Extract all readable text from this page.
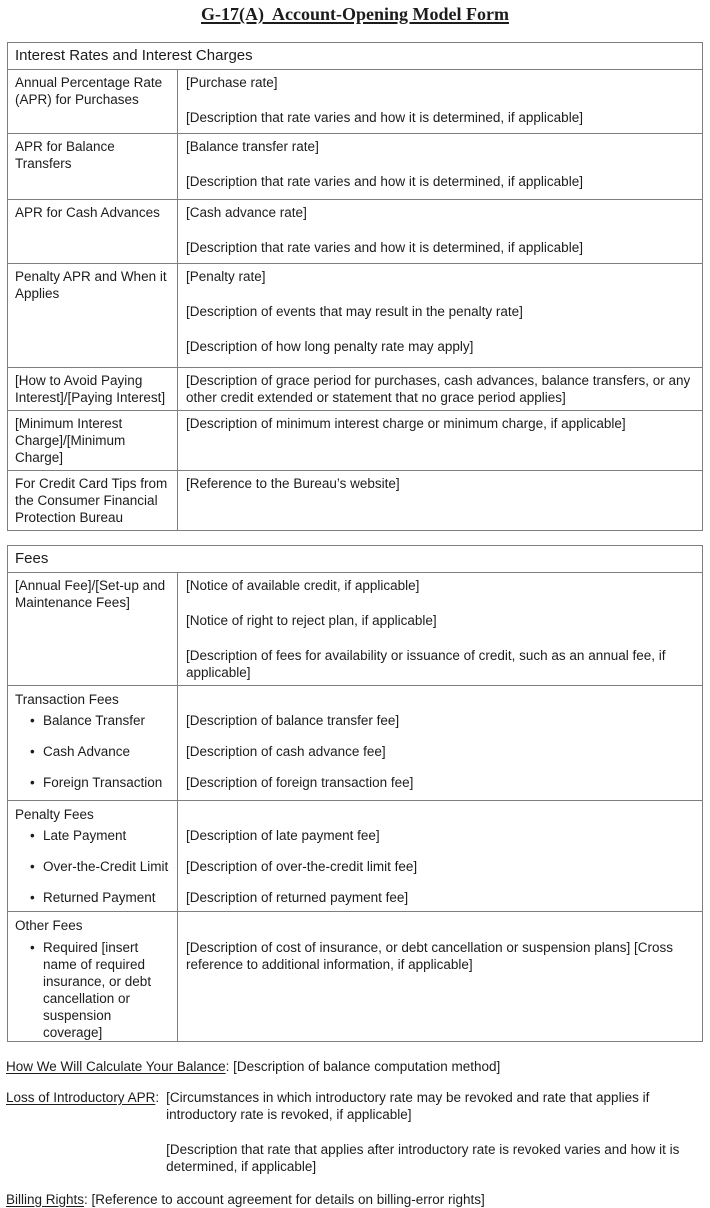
G-17(A)  Account-Opening Model Form
Interest Rates and Interest Charges	
Annual Percentage Rate (APR) for Purchases	[Purchase rate]

[Description that rate varies and how it is determined, if applicable]

APR for Balance Transfers	[Balance transfer rate]

[Description that rate varies and how it is determined, if applicable]

APR for Cash Advances	[Cash advance rate]

[Description that rate varies and how it is determined, if applicable]

Penalty APR and When it Applies	[Penalty rate]

[Description of events that may result in the penalty rate]

[Description of how long penalty rate may apply]

[How to Avoid Paying Interest]/[Paying Interest]	[Description of grace period for purchases, cash advances, balance transfers, or any other credit extended or statement that no grace period applies]

[Minimum Interest Charge]/[Minimum Charge]	[Description of minimum interest charge or minimum charge, if applicable]

For Credit Card Tips from the Consumer Financial Protection Bureau	[Reference to the Bureau’s website]

Fees	
[Annual Fee]/[Set-up and Maintenance Fees]	[Notice of available credit, if applicable]

[Notice of right to reject plan, if applicable]

[Description of fees for availability or issuance of credit, such as an annual fee, if applicable]

Transaction Fees	

• Balance Transfer	[Description of balance transfer fee]

• Cash Advance	[Description of cash advance fee]

• Foreign Transaction	[Description of foreign transaction fee]

Penalty Fees	

• Late Payment	[Description of late payment fee]

• Over-the-Credit Limit	[Description of over-the-credit limit fee]

• Returned Payment	[Description of returned payment fee]

Other Fees	

• Required [insert name of required insurance, or debt cancellation or suspension coverage]	[Description of cost of insurance, or debt cancellation or suspension plans] [Cross reference to additional information, if applicable]

How We Will Calculate Your Balance: [Description of balance computation method]

Loss of Introductory APR: [Circumstances in which introductory rate may be revoked and rate that applies if introductory rate is revoked, if applicable]

[Description that rate that applies after introductory rate is revoked varies and how it is determined, if applicable]

Billing Rights: [Reference to account agreement for details on billing-error rights]
